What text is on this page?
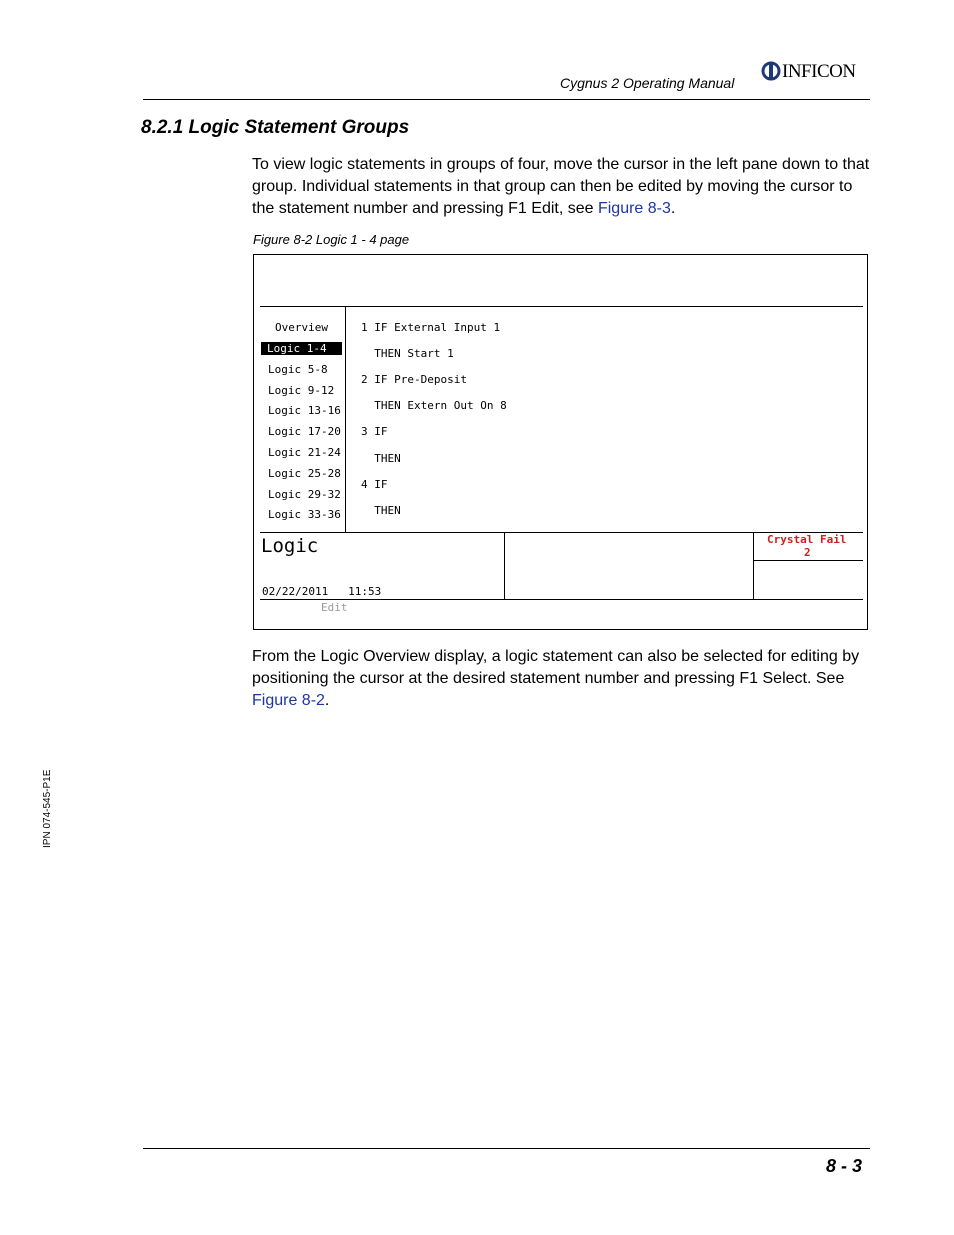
Cygnus 2 Operating Manual
INFICON
8.2.1 Logic Statement Groups
To view logic statements in groups of four, move the cursor in the left pane down to that group. Individual statements in that group can then be edited by moving the cursor to the statement number and pressing F1 Edit, see Figure 8-3.
Figure 8-2 Logic 1 - 4 page
Overview
Logic 1-4
Logic 5-8
Logic 9-12
Logic 13-16
Logic 17-20
Logic 21-24
Logic 25-28
Logic 29-32
Logic 33-36
1 IF External Input 1
THEN Start 1
2 IF Pre-Deposit
THEN Extern Out On 8
3 IF
THEN
4 IF
THEN
Logic
02/22/2011   11:53
Crystal Fail
2
Edit
From the Logic Overview display, a logic statement can also be selected for editing by positioning the cursor at the desired statement number and pressing F1 Select. See Figure 8-2.
IPN 074-545-P1E
8 - 3
